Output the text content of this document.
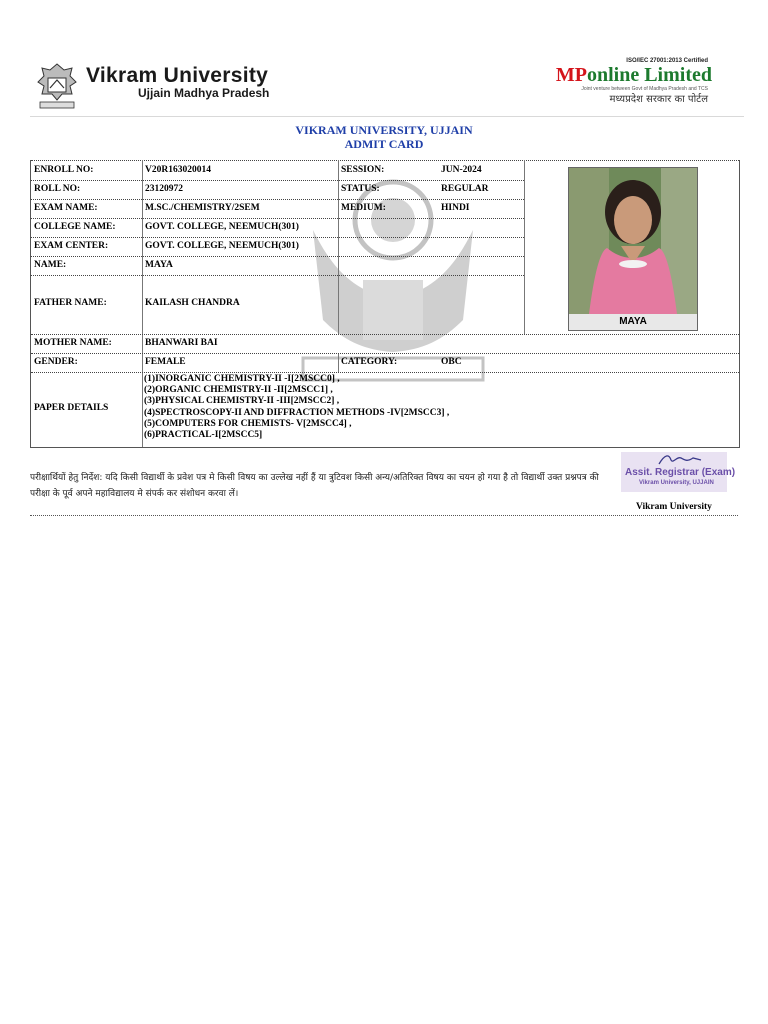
Vikram University
Ujjain Madhya Pradesh
ISO/IEC 27001:2013 Certified
MPonline Limited
Joint venture between Govt of Madhya Pradesh and TCS
मध्यप्रदेश सरकार का पोर्टल
VIKRAM UNIVERSITY, UJJAIN
ADMIT CARD
ENROLL NO:	V20R163020014	SESSION:	JUN-2024
ROLL NO:	23120972	STATUS:	REGULAR
EXAM NAME:	M.SC./CHEMISTRY/2SEM	MEDIUM:	HINDI
COLLEGE NAME:	GOVT. COLLEGE, NEEMUCH(301)
EXAM CENTER:	GOVT. COLLEGE, NEEMUCH(301)
NAME:	MAYA
FATHER NAME:	KAILASH CHANDRA
MOTHER NAME:	BHANWARI BAI
GENDER:	FEMALE	CATEGORY:	OBC
PAPER DETAILS
(1)INORGANIC CHEMISTRY-II -I[2MSCC0] ,
(2)ORGANIC CHEMISTRY-II -II[2MSCC1] ,
(3)PHYSICAL CHEMISTRY-II -III[2MSCC2] ,
(4)SPECTROSCOPY-II AND DIFFRACTION METHODS -IV[2MSCC3] ,
(5)COMPUTERS FOR CHEMISTS- V[2MSCC4] ,
(6)PRACTICAL-I[2MSCC5]
MAYA
परीक्षार्थियों हेतु निर्देश: यदि किसी विद्यार्थी के प्रवेश पत्र मे किसी विषय का उल्लेख नहीं हैं या त्रुटिवश किसी अन्य/अतिरिक्त विषय का चयन हो गया है तो विद्यार्थी उक्त प्रश्नपत्र की परीक्षा के पूर्व अपने महाविद्यालय मे संपर्क कर संशोधन करवा लें।
Assit. Registrar (Exam)
Vikram University, UJJAIN
Vikram University
